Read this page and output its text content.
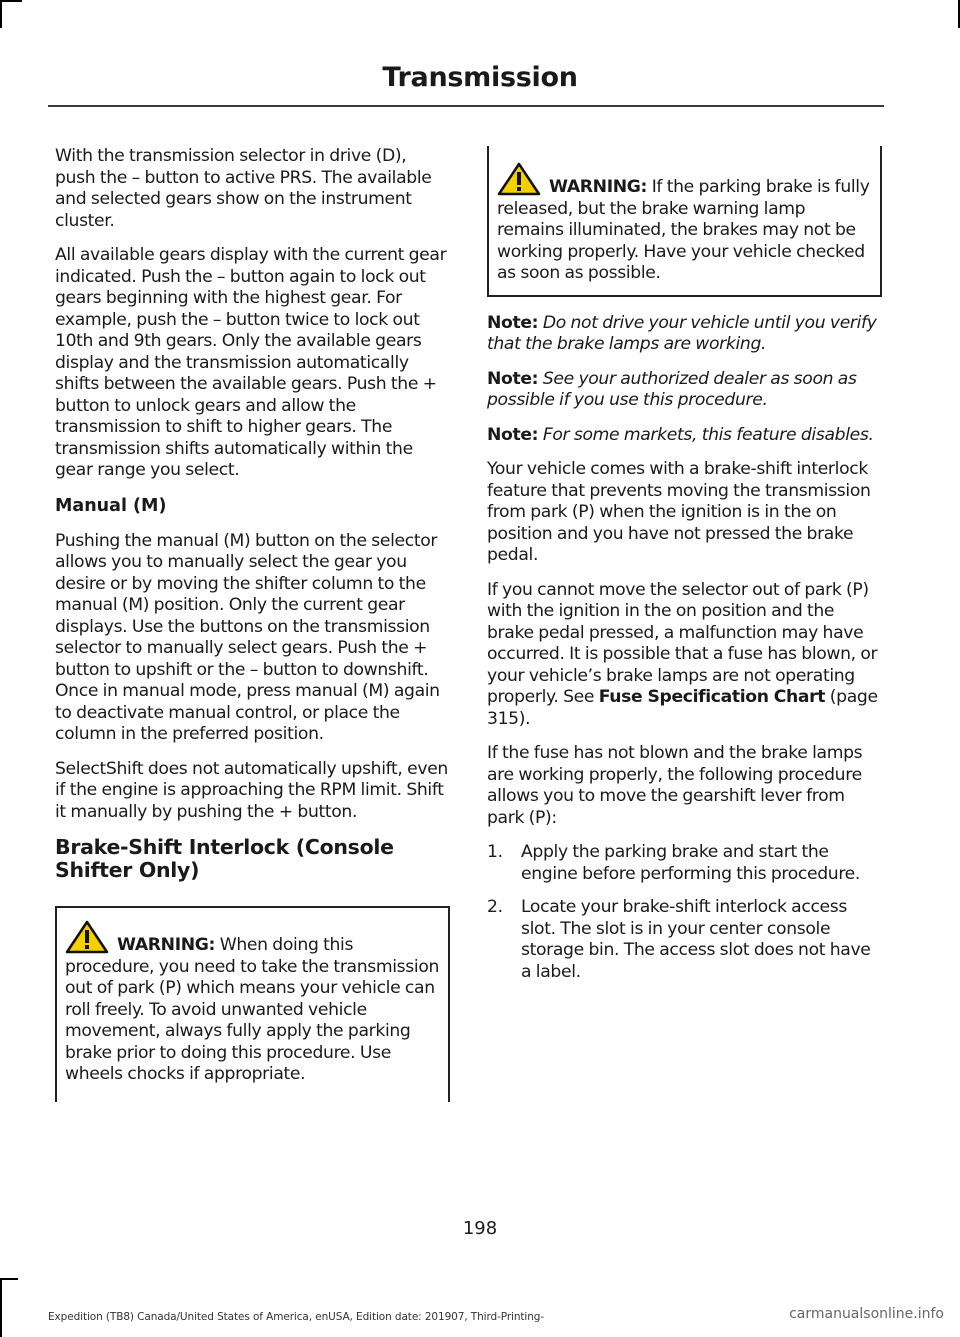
Transmission

With the transmission selector in drive (D), push the – button to active PRS. The available and selected gears show on the instrument cluster.

All available gears display with the current gear indicated. Push the – button again to lock out gears beginning with the highest gear. For example, push the – button twice to lock out 10th and 9th gears. Only the available gears display and the transmission automatically shifts between the available gears. Push the + button to unlock gears and allow the transmission to shift to higher gears. The transmission shifts automatically within the gear range you select.

Manual (M)

Pushing the manual (M) button on the selector allows you to manually select the gear you desire or by moving the shifter column to the manual (M) position. Only the current gear displays. Use the buttons on the transmission selector to manually select gears. Push the + button to upshift or the – button to downshift. Once in manual mode, press manual (M) again to deactivate manual control, or place the column in the preferred position.

SelectShift does not automatically upshift, even if the engine is approaching the RPM limit. Shift it manually by pushing the + button.

Brake-Shift Interlock (Console Shifter Only)

WARNING: When doing this procedure, you need to take the transmission out of park (P) which means your vehicle can roll freely. To avoid unwanted vehicle movement, always fully apply the parking brake prior to doing this procedure. Use wheels chocks if appropriate.

WARNING: If the parking brake is fully released, but the brake warning lamp remains illuminated, the brakes may not be working properly. Have your vehicle checked as soon as possible.

Note: Do not drive your vehicle until you verify that the brake lamps are working.

Note: See your authorized dealer as soon as possible if you use this procedure.

Note: For some markets, this feature disables.

Your vehicle comes with a brake-shift interlock feature that prevents moving the transmission from park (P) when the ignition is in the on position and you have not pressed the brake pedal.

If you cannot move the selector out of park (P) with the ignition in the on position and the brake pedal pressed, a malfunction may have occurred. It is possible that a fuse has blown, or your vehicle’s brake lamps are not operating properly. See Fuse Specification Chart (page 315).

If the fuse has not blown and the brake lamps are working properly, the following procedure allows you to move the gearshift lever from park (P):

1. Apply the parking brake and start the engine before performing this procedure.
2. Locate your brake-shift interlock access slot. The slot is in your center console storage bin. The access slot does not have a label.
198
Expedition (TB8) Canada/United States of America, enUSA, Edition date: 201907, Third-Printing-	carmanualsonline.info
